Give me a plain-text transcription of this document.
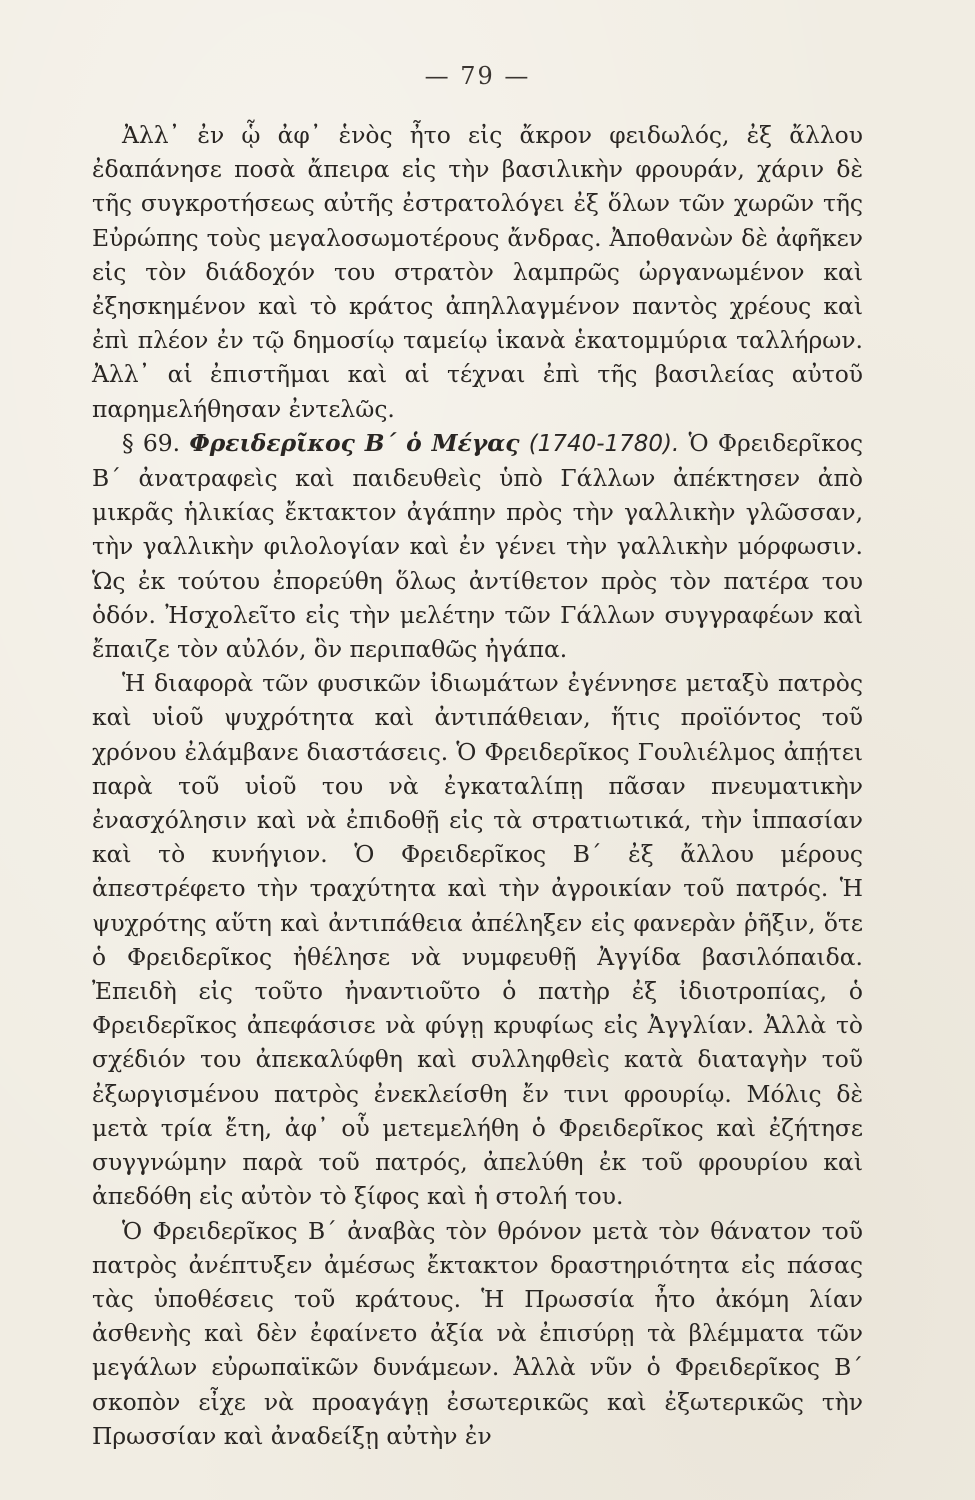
— 79 —

Ἀλλ᾿ ἐν ᾧ ἀφ᾿ ἑνὸς ἦτο εἰς ἄκρον φειδωλός, ἐξ ἄλλου ἐδαπάνησε ποσὰ ἄπειρα εἰς τὴν βασιλικὴν φρουράν, χάριν δὲ τῆς συγκροτήσεως αὐτῆς ἐστρατολόγει ἐξ ὅλων τῶν χωρῶν τῆς Εὐρώπης τοὺς μεγαλοσωμοτέρους ἄνδρας. Ἀποθανὼν δὲ ἀφῆκεν εἰς τὸν διάδοχόν του στρατὸν λαμπρῶς ὠργανωμένον καὶ ἐξησκημένον καὶ τὸ κράτος ἀπηλλαγμένον παντὸς χρέους καὶ ἐπὶ πλέον ἐν τῷ δημοσίῳ ταμείῳ ἱκανὰ ἑκατομμύρια ταλλήρων. Ἀλλ᾿ αἱ ἐπιστῆμαι καὶ αἱ τέχναι ἐπὶ τῆς βασιλείας αὐτοῦ παρημελήθησαν ἐντελῶς.

§ 69. Φρειδερῖκος Β΄ ὁ Μέγας (1740-1780). Ὁ Φρειδερῖκος Β΄ ἀνατραφεὶς καὶ παιδευθεὶς ὑπὸ Γάλλων ἀπέκτησεν ἀπὸ μικρᾶς ἡλικίας ἔκτακτον ἀγάπην πρὸς τὴν γαλλικὴν γλῶσσαν, τὴν γαλλικὴν φιλολογίαν καὶ ἐν γένει τὴν γαλλικὴν μόρφωσιν. Ὡς ἐκ τούτου ἐπορεύθη ὅλως ἀντίθετον πρὸς τὸν πατέρα του ὁδόν. Ἠσχολεῖτο εἰς τὴν μελέτην τῶν Γάλλων συγγραφέων καὶ ἔπαιζε τὸν αὐλόν, ὃν περιπαθῶς ἠγάπα.

Ἡ διαφορὰ τῶν φυσικῶν ἰδιωμάτων ἐγέννησε μεταξὺ πατρὸς καὶ υἱοῦ ψυχρότητα καὶ ἀντιπάθειαν, ἥτις προϊόντος τοῦ χρόνου ἐλάμβανε διαστάσεις. Ὁ Φρειδερῖκος Γουλιέλμος ἀπῄτει παρὰ τοῦ υἱοῦ του νὰ ἐγκαταλίπῃ πᾶσαν πνευματικὴν ἐνασχόλησιν καὶ νὰ ἐπιδοθῇ εἰς τὰ στρατιωτικά, τὴν ἱππασίαν καὶ τὸ κυνήγιον. Ὁ Φρειδερῖκος Β΄ ἐξ ἄλλου μέρους ἀπεστρέφετο τὴν τραχύτητα καὶ τὴν ἀγροικίαν τοῦ πατρός. Ἡ ψυχρότης αὕτη καὶ ἀντιπάθεια ἀπέληξεν εἰς φανερὰν ῥῆξιν, ὅτε ὁ Φρειδερῖκος ἠθέλησε νὰ νυμφευθῇ Ἀγγίδα βασιλόπαιδα. Ἐπειδὴ εἰς τοῦτο ἠναντιοῦτο ὁ πατὴρ ἐξ ἰδιοτροπίας, ὁ Φρειδερῖκος ἀπεφάσισε νὰ φύγῃ κρυφίως εἰς Ἀγγλίαν. Ἀλλὰ τὸ σχέδιόν του ἀπεκαλύφθη καὶ συλληφθεὶς κατὰ διαταγὴν τοῦ ἐξωργισμένου πατρὸς ἐνεκλείσθη ἔν τινι φρουρίῳ. Μόλις δὲ μετὰ τρία ἔτη, ἀφ᾿ οὗ μετεμελήθη ὁ Φρειδερῖκος καὶ ἐζήτησε συγγνώμην παρὰ τοῦ πατρός, ἀπελύθη ἐκ τοῦ φρουρίου καὶ ἀπεδόθη εἰς αὐτὸν τὸ ξίφος καὶ ἡ στολή του.

Ὁ Φρειδερῖκος Β΄ ἀναβὰς τὸν θρόνον μετὰ τὸν θάνατον τοῦ πατρὸς ἀνέπτυξεν ἀμέσως ἔκτακτον δραστηριότητα εἰς πάσας τὰς ὑποθέσεις τοῦ κράτους. Ἡ Πρωσσία ἦτο ἀκόμη λίαν ἀσθενὴς καὶ δὲν ἐφαίνετο ἀξία νὰ ἐπισύρῃ τὰ βλέμματα τῶν μεγάλων εὐρωπαϊκῶν δυνάμεων. Ἀλλὰ νῦν ὁ Φρειδερῖκος Β΄ σκοπὸν εἶχε νὰ προαγάγῃ ἐσωτερικῶς καὶ ἐξωτερικῶς τὴν Πρωσσίαν καὶ ἀναδείξῃ αὐτὴν ἐν
